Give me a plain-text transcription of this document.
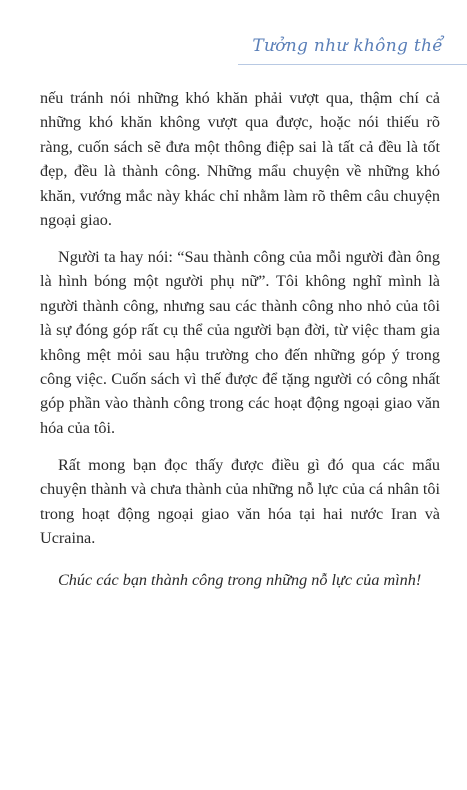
Tưởng như không thể

nếu tránh nói những khó khăn phải vượt qua, thậm chí cả những khó khăn không vượt qua được, hoặc nói thiếu rõ ràng, cuốn sách sẽ đưa một thông điệp sai là tất cả đều là tốt đẹp, đều là thành công. Những mẩu chuyện về những khó khăn, vướng mắc này khác chỉ nhằm làm rõ thêm câu chuyện ngoại giao.

Người ta hay nói: “Sau thành công của mỗi người đàn ông là hình bóng một người phụ nữ”. Tôi không nghĩ mình là người thành công, nhưng sau các thành công nho nhỏ của tôi là sự đóng góp rất cụ thể của người bạn đời, từ việc tham gia không mệt mỏi sau hậu trường cho đến những góp ý trong công việc. Cuốn sách vì thế được để tặng người có công nhất góp phần vào thành công trong các hoạt động ngoại giao văn hóa của tôi.

Rất mong bạn đọc thấy được điều gì đó qua các mẩu chuyện thành và chưa thành của những nỗ lực của cá nhân tôi trong hoạt động ngoại giao văn hóa tại hai nước Iran và Ucraina.

Chúc các bạn thành công trong những nỗ lực của mình!
